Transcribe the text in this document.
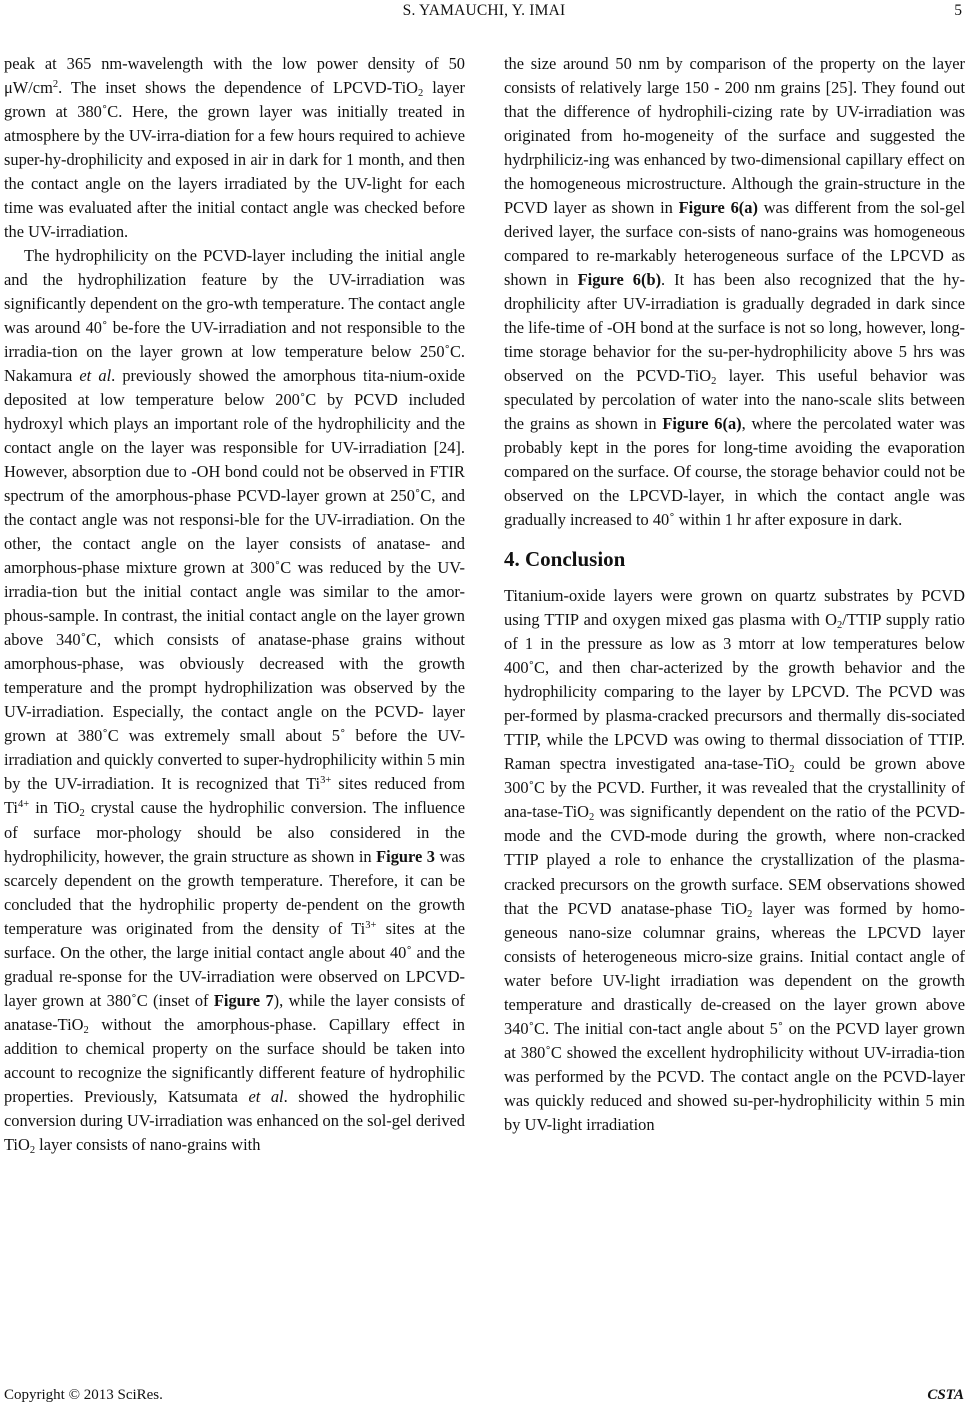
S. YAMAUCHI, Y. IMAI	5

peak at 365 nm-wavelength with the low power density of 50 $\mu W/cm^2$. The inset shows the dependence of LPCVD-TiO$_2$ layer grown at 380˚C. Here, the grown layer was initially treated in atmosphere by the UV-irra-diation for a few hours required to achieve super-hy-drophilicity and exposed in air in dark for 1 month, and then the contact angle on the layers irradiated by the UV-light for each time was evaluated after the initial contact angle was checked before the UV-irradiation.

The hydrophilicity on the PCVD-layer including the initial angle and the hydrophilization feature by the UV-irradiation was significantly dependent on the gro-wth temperature. The contact angle was around 40˚ be-fore the UV-irradiation and not responsible to the irradia-tion on the layer grown at low temperature below 250˚C. Nakamura et al. previously showed the amorphous tita-nium-oxide deposited at low temperature below 200˚C by PCVD included hydroxyl which plays an important role of the hydrophilicity and the contact angle on the layer was responsible for UV-irradiation [24]. However, absorption due to -OH bond could not be observed in FTIR spectrum of the amorphous-phase PCVD-layer grown at 250˚C, and the contact angle was not responsi-ble for the UV-irradiation. On the other, the contact angle on the layer consists of anatase- and amorphous-phase mixture grown at 300˚C was reduced by the UV-irradia-tion but the initial contact angle was similar to the amor-phous-sample. In contrast, the initial contact angle on the layer grown above 340˚C, which consists of anatase-phase grains without amorphous-phase, was obviously decreased with the growth temperature and the prompt hydrophilization was observed by the UV-irradiation. Especially, the contact angle on the PCVD- layer grown at 380˚C was extremely small about 5˚ before the UV-irradiation and quickly converted to super-hydrophilicity within 5 min by the UV-irradiation. It is recognized that $Ti^{3+}$ sites reduced from $Ti^{4+}$ in TiO$_2$ crystal cause the hydrophilic conversion. The influence of surface mor-phology should be also considered in the hydrophilicity, however, the grain structure as shown in Figure 3 was scarcely dependent on the growth temperature. Therefore, it can be concluded that the hydrophilic property de-pendent on the growth temperature was originated from the density of $Ti^{3+}$ sites at the surface. On the other, the large initial contact angle about 40˚ and the gradual re-sponse for the UV-irradiation were observed on LPCVD-layer grown at 380˚C (inset of Figure 7), while the layer consists of anatase-TiO$_2$ without the amorphous-phase. Capillary effect in addition to chemical property on the surface should be taken into account to recognize the significantly different feature of hydrophilic properties. Previously, Katsumata et al. showed the hydrophilic conversion during UV-irradiation was enhanced on the sol-gel derived TiO$_2$ layer consists of nano-grains with

the size around 50 nm by comparison of the property on the layer consists of relatively large 150 - 200 nm grains [25]. They found out that the difference of hydrophili-cizing rate by UV-irradiation was originated from ho-mogeneity of the surface and suggested the hydrphiliciz-ing was enhanced by two-dimensional capillary effect on the homogeneous microstructure. Although the grain-structure in the PCVD layer as shown in Figure 6(a) was different from the sol-gel derived layer, the surface con-sists of nano-grains was homogeneous compared to re-markably heterogeneous surface of the LPCVD as shown in Figure 6(b). It has been also recognized that the hy-drophilicity after UV-irradiation is gradually degraded in dark since the life-time of -OH bond at the surface is not so long, however, long-time storage behavior for the su-per-hydrophilicity above 5 hrs was observed on the PCVD-TiO$_2$ layer. This useful behavior was speculated by percolation of water into the nano-scale slits between the grains as shown in Figure 6(a), where the percolated water was probably kept in the pores for long-time avoiding the evaporation compared on the surface. Of course, the storage behavior could not be observed on the LPCVD-layer, in which the contact angle was gradually increased to 40˚ within 1 hr after exposure in dark.

4. Conclusion

Titanium-oxide layers were grown on quartz substrates by PCVD using TTIP and oxygen mixed gas plasma with $O_2$/TTIP supply ratio of 1 in the pressure as low as 3 mtorr at low temperatures below 400˚C, and then char-acterized by the growth behavior and the hydrophilicity comparing to the layer by LPCVD. The PCVD was per-formed by plasma-cracked precursors and thermally dis-sociated TTIP, while the LPCVD was owing to thermal dissociation of TTIP. Raman spectra investigated ana-tase-TiO$_2$ could be grown above 300˚C by the PCVD. Further, it was revealed that the crystallinity of ana-tase-TiO$_2$ was significantly dependent on the ratio of the PCVD-mode and the CVD-mode during the growth, where non-cracked TTIP played a role to enhance the crystallization of the plasma-cracked precursors on the growth surface. SEM observations showed that the PCVD anatase-phase TiO$_2$ layer was formed by homo-geneous nano-size columnar grains, whereas the LPCVD layer consists of heterogeneous micro-size grains. Initial contact angle of water before UV-light irradiation was dependent on the growth temperature and drastically de-creased on the layer grown above 340˚C. The initial con-tact angle about 5˚ on the PCVD layer grown at 380˚C showed the excellent hydrophilicity without UV-irradia-tion was performed by the PCVD. The contact angle on the PCVD-layer was quickly reduced and showed su-per-hydrophilicity within 5 min by UV-light irradiation

Copyright © 2013 SciRes.	CSTA
